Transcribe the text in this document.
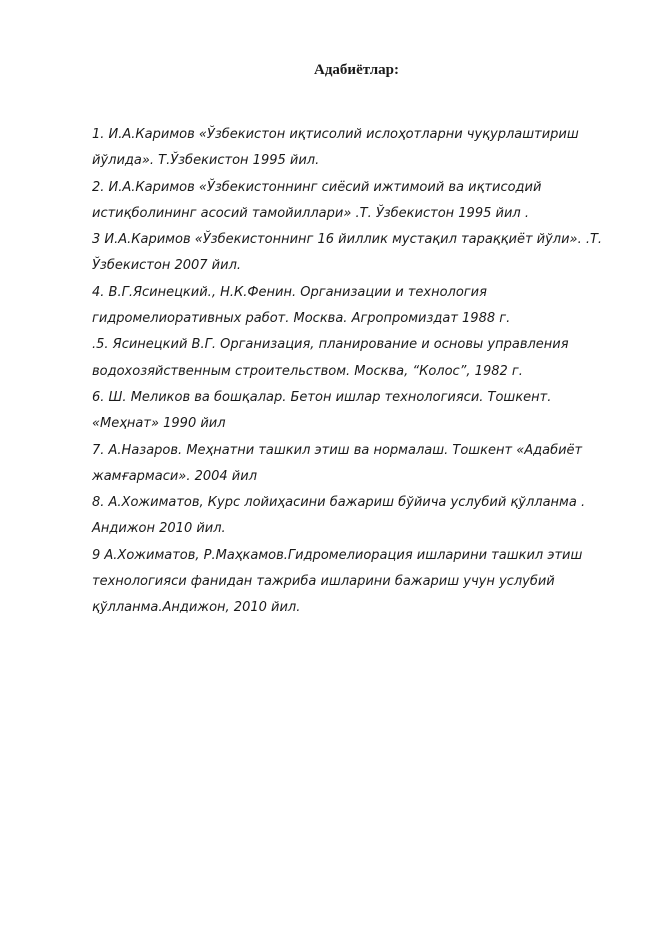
Адабиётлар:
1. И.А.Каримов «Ўзбекистон иқтисолий ислоҳотларни чуқурлаштириш
йўлида». Т.Ўзбекистон 1995 йил.
2. И.А.Каримов «Ўзбекистоннинг сиёсий ижтимоий ва иқтисодий
истиқболининг асосий тамойиллари» .Т. Ўзбекистон 1995 йил .
3 И.А.Каримов «Ўзбекистоннинг 16 йиллик мустақил тараққиёт йўли». .Т.
Ўзбекистон 2007 йил.
4. В.Г.Ясинецкий., Н.К.Фенин. Организации и технология
гидромелиоративных работ. Москва. Агропромиздат 1988 г.
.5. Ясинецкий В.Г. Организация, планирование и основы управления
водохозяйственным строительством. Москва, “Колос”, 1982 г.
6. Ш. Меликов ва бошқалар. Бетон ишлар технологияси. Тошкент.
«Меҳнат» 1990 йил
7. А.Назаров. Меҳнатни ташкил этиш ва нормалаш. Тошкент «Адабиёт
жамғармаси». 2004 йил
8. А.Хожиматов, Курс лойиҳасини бажариш бўйича услубий қўлланма .
Андижон 2010 йил.
9 А.Хожиматов, Р.Маҳкамов.Гидромелиорация ишларини ташкил этиш
технологияси фанидан тажриба ишларини бажариш учун услубий
қўлланма.Андижон, 2010 йил.
